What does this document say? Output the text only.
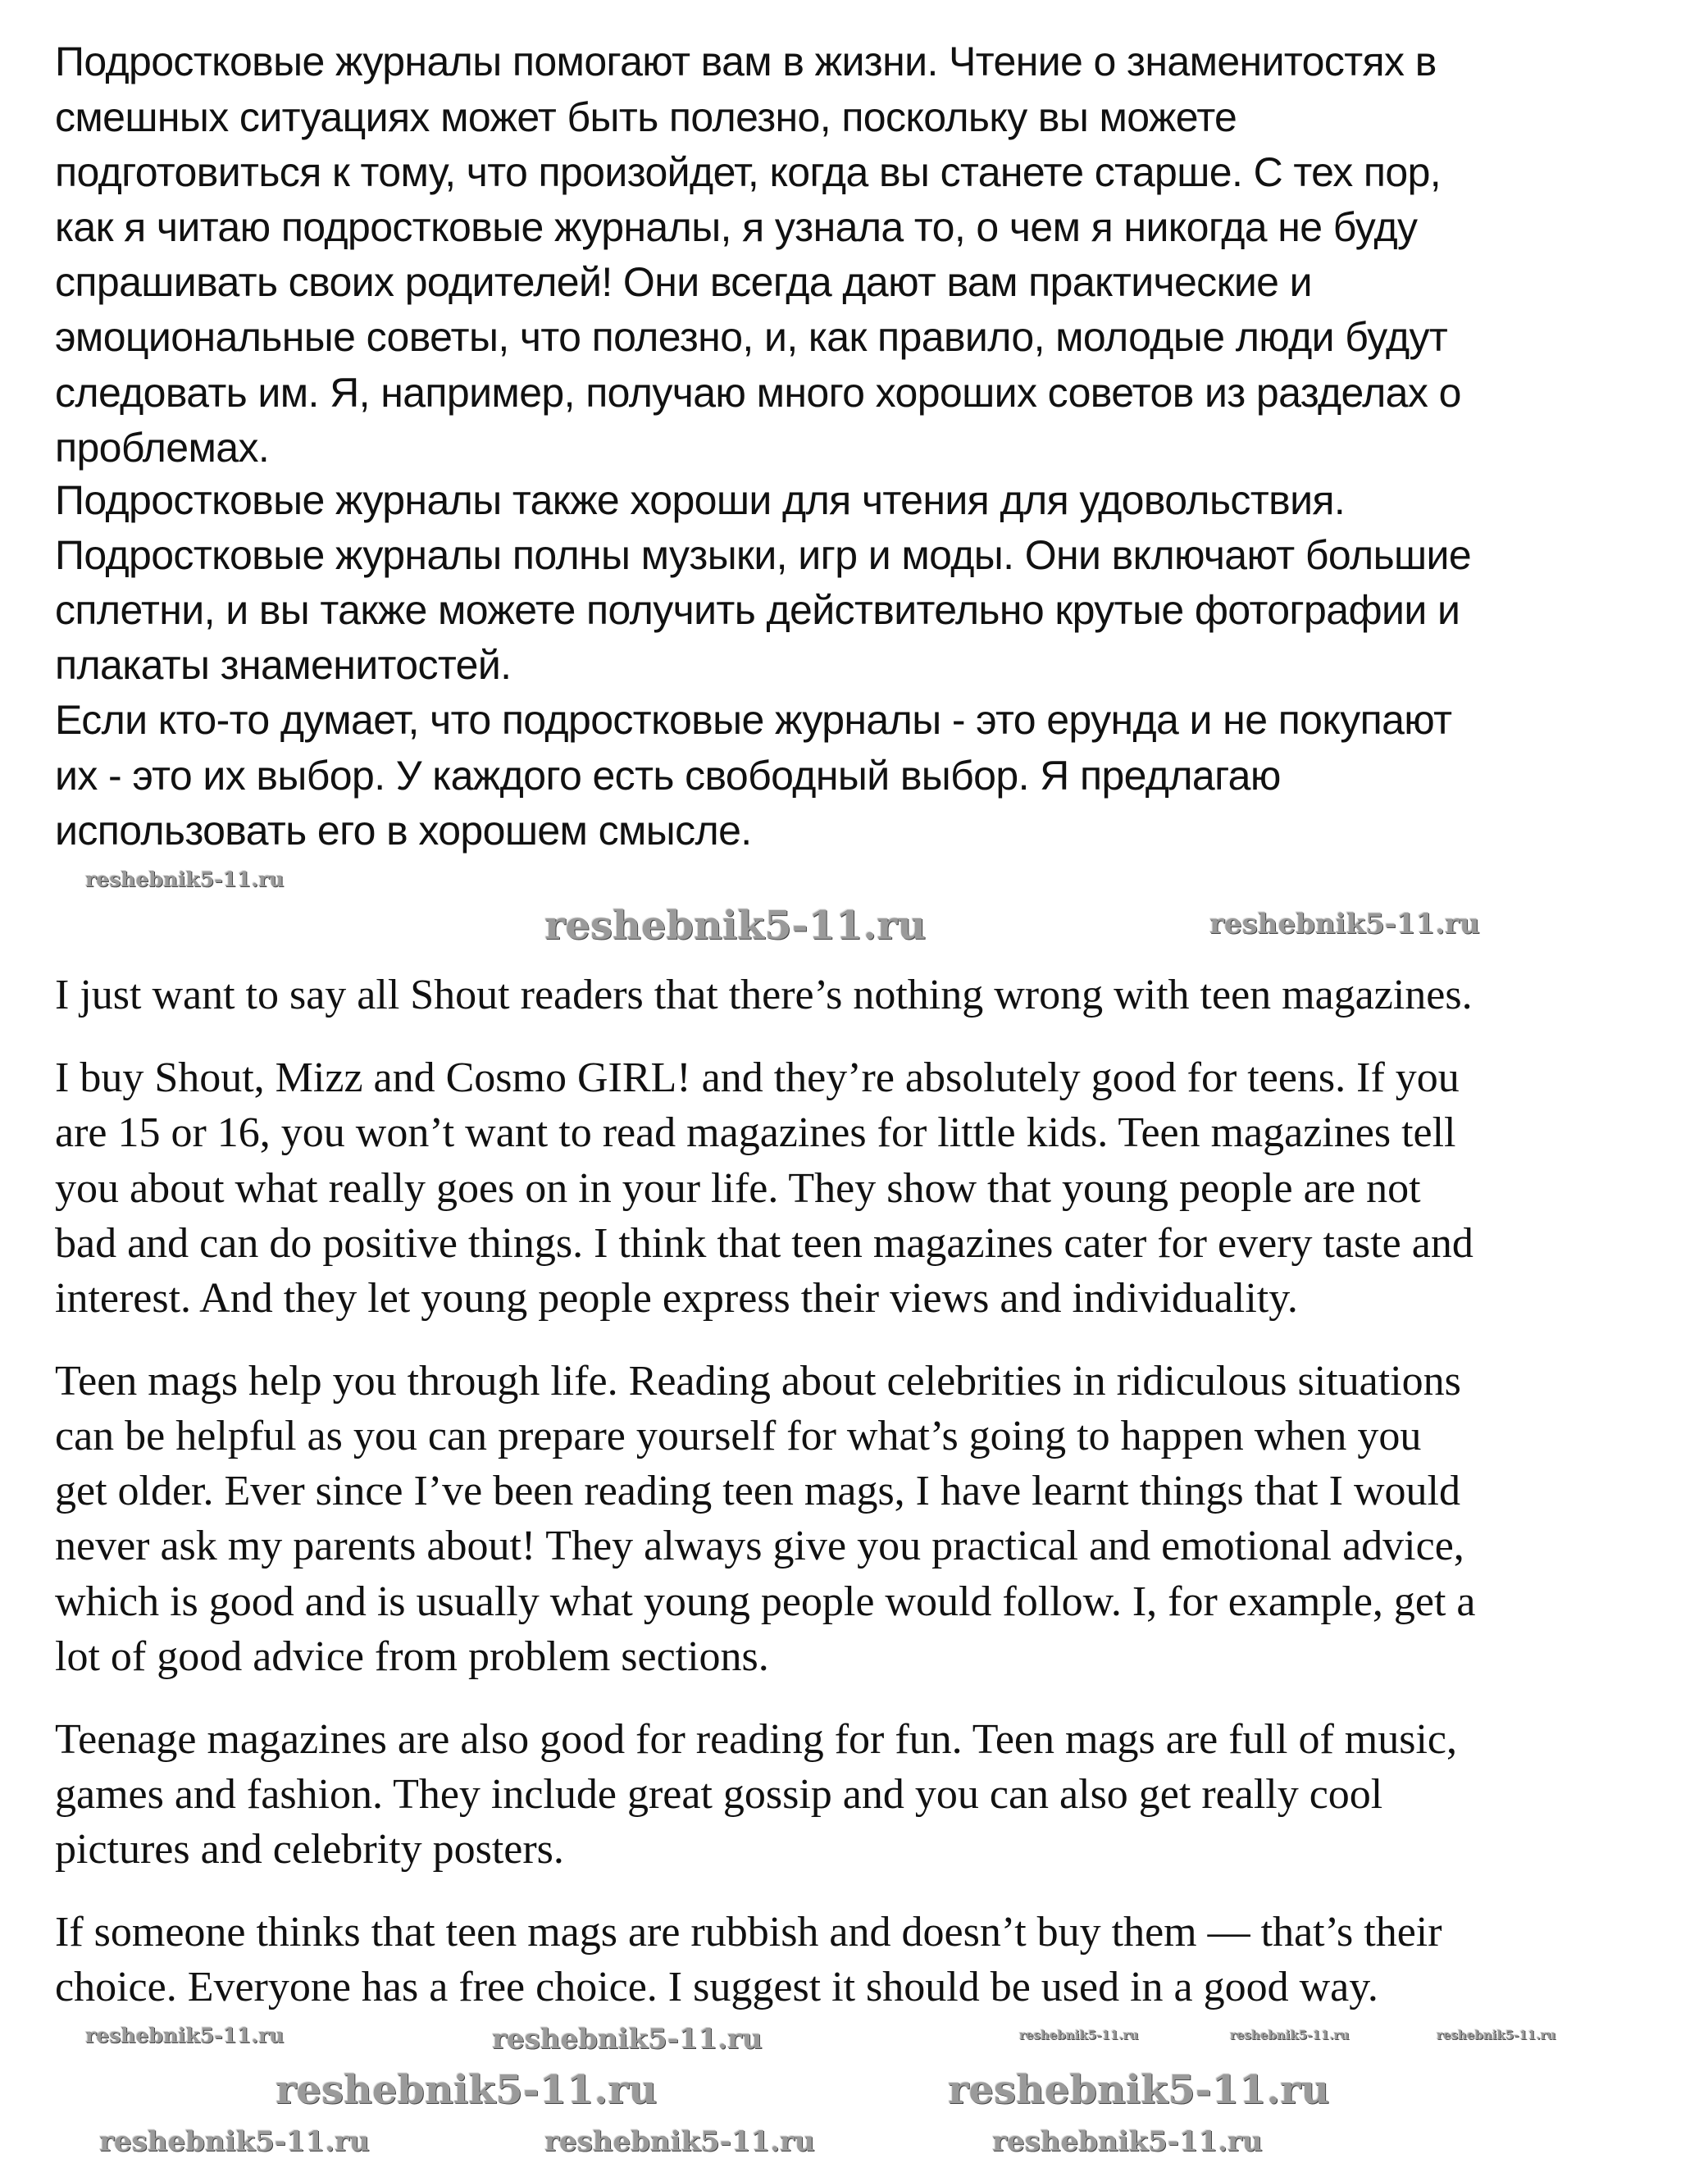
Подростковые журналы помогают вам в жизни. Чтение о знаменитостях в
смешных ситуациях может быть полезно, поскольку вы можете
подготовиться к тому, что произойдет, когда вы станете старше. С тех пор,
как я читаю подростковые журналы, я узнала то, о чем я никогда не буду
спрашивать своих родителей! Они всегда дают вам практические и
эмоциональные советы, что полезно, и, как правило, молодые люди будут
следовать им. Я, например, получаю много хороших советов из разделах о
проблемах.
Подростковые журналы также хороши для чтения для удовольствия.
Подростковые журналы полны музыки, игр и моды. Они включают большие
сплетни, и вы также можете получить действительно крутые фотографии и
плакаты знаменитостей.
Если кто-то думает, что подростковые журналы - это ерунда и не покупают
их - это их выбор. У каждого есть свободный выбор. Я предлагаю
использовать его в хорошем смысле.
I just want to say all Shout readers that there’s nothing wrong with teen magazines.
I buy Shout, Mizz and Cosmo GIRL! and they’re absolutely good for teens. If you
are 15 or 16, you won’t want to read magazines for little kids. Teen magazines tell
you about what really goes on in your life. They show that young people are not
bad and can do positive things. I think that teen magazines cater for every taste and
interest. And they let young people express their views and individuality.
Teen mags help you through life. Reading about celebrities in ridiculous situations
can be helpful as you can prepare yourself for what’s going to happen when you
get older. Ever since I’ve been reading teen mags, I have learnt things that I would
never ask my parents about! They always give you practical and emotional advice,
which is good and is usually what young people would follow. I, for example, get a
lot of good advice from problem sections.
Teenage magazines are also good for reading for fun. Teen mags are full of music,
games and fashion. They include great gossip and you can also get really cool
pictures and celebrity posters.
If someone thinks that teen mags are rubbish and doesn’t buy them — that’s their
choice. Everyone has a free choice. I suggest it should be used in a good way.
reshebnik5-11.ru
reshebnik5-11.ru	reshebnik5-11.ru
reshebnik5-11.ru	reshebnik5-11.ru	reshebnik5-11.ru	reshebnik5-11.ru	reshebnik5-11.ru
reshebnik5-11.ru	reshebnik5-11.ru
reshebnik5-11.ru	reshebnik5-11.ru	reshebnik5-11.ru
